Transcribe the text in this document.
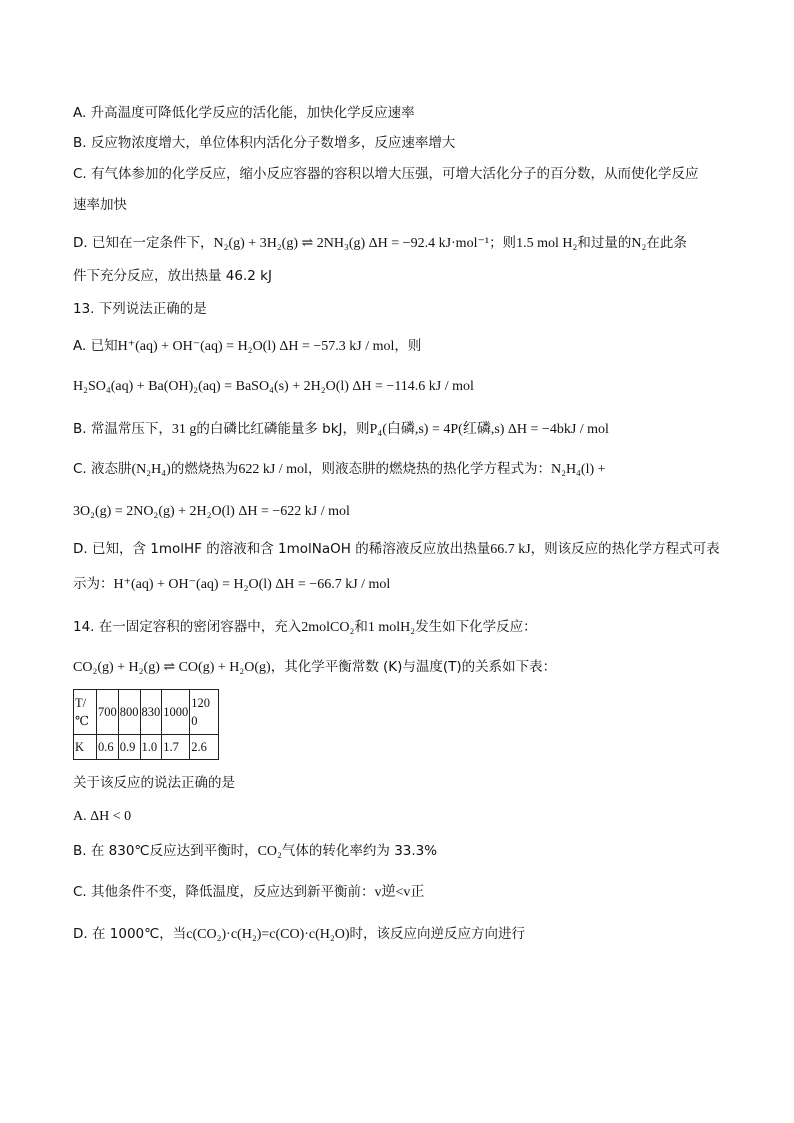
A. 升高温度可降低化学反应的活化能，加快化学反应速率
B. 反应物浓度增大，单位体积内活化分子数增多，反应速率增大
C. 有气体参加的化学反应，缩小反应容器的容积以增大压强，可增大活化分子的百分数，从而使化学反应
速率加快
D. 已知在一定条件下，N₂(g) + 3H₂(g) ⇌ 2NH₃(g) ΔH = −92.4 kJ·mol⁻¹；则1.5 mol H₂和过量的N₂在此条
件下充分反应，放出热量 46.2 kJ
13. 下列说法正确的是
A. 已知H⁺(aq) + OH⁻(aq) = H₂O(l) ΔH = −57.3 kJ / mol，则
H₂SO₄(aq) + Ba(OH)₂(aq) = BaSO₄(s) + 2H₂O(l) ΔH = −114.6 kJ / mol
B. 常温常压下，31 g的白磷比红磷能量多 bkJ，则P₄(白磷,s) = 4P(红磷,s) ΔH = −4bkJ / mol
C. 液态肼(N₂H₄)的燃烧热为622 kJ / mol，则液态肼的燃烧热的热化学方程式为：N₂H₄(l) +
3O₂(g) = 2NO₂(g) + 2H₂O(l) ΔH = −622 kJ / mol
D. 已知，含 1molHF 的溶液和含 1molNaOH 的稀溶液反应放出热量66.7 kJ，则该反应的热化学方程式可表
示为：H⁺(aq) + OH⁻(aq) = H₂O(l) ΔH = −66.7 kJ / mol
14. 在一固定容积的密闭容器中，充入2molCO₂和1 molH₂发生如下化学反应：
CO₂(g) + H₂(g) ⇌ CO(g) + H₂O(g)，其化学平衡常数 (K)与温度(T)的关系如下表：
T/
℃	700	800	830	1000	120
0
K	0.6	0.9	1.0	1.7	2.6
关于该反应的说法正确的是
A. ΔH < 0
B. 在 830℃反应达到平衡时，CO₂气体的转化率约为 33.3%
C. 其他条件不变，降低温度，反应达到新平衡前：v逆<v正
D. 在 1000℃，当c(CO₂)·c(H₂)=c(CO)·c(H₂O)时，该反应向逆反应方向进行
